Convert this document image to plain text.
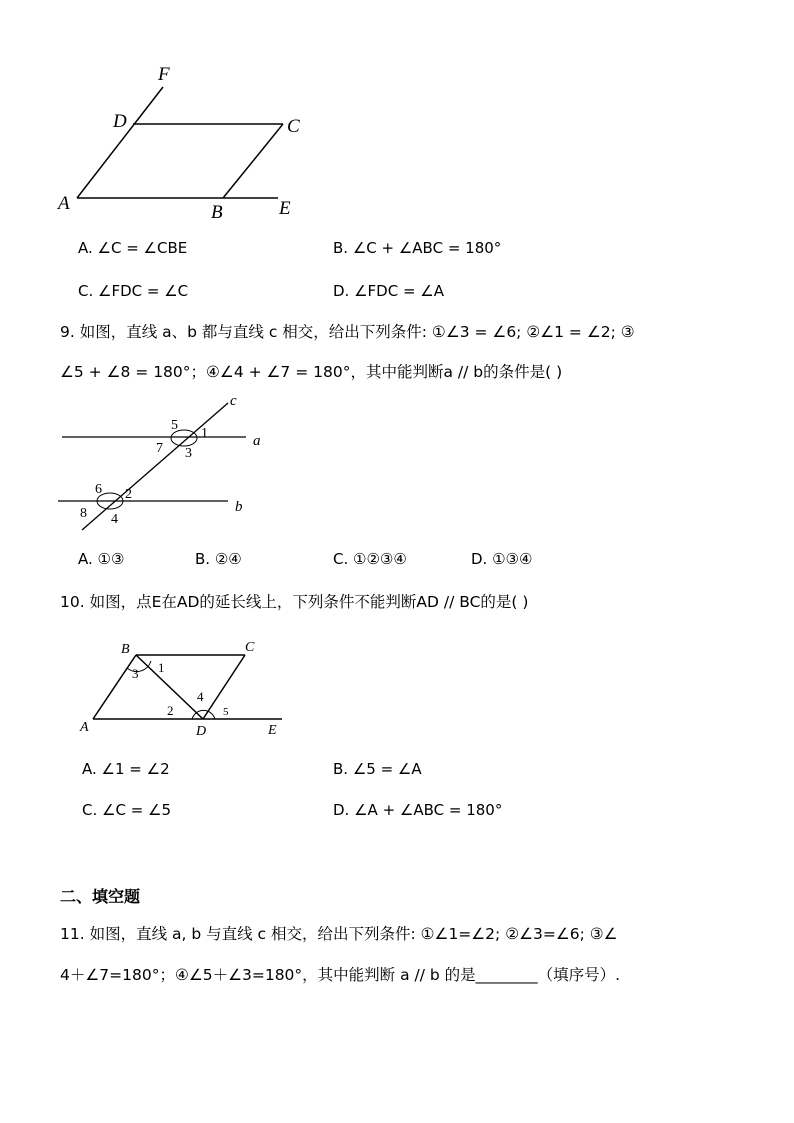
F
D	C
A	B	E
A. ∠C = ∠CBE	B. ∠C + ∠ABC = 180°
C. ∠FDC = ∠C	D. ∠FDC = ∠A
9. 如图，直线 a、b 都与直线 c 相交，给出下列条件: ①∠3 = ∠6; ②∠1 = ∠2; ③
∠5 + ∠8 = 180°；④∠4 + ∠7 = 180°，其中能判断a // b的条件是( )
c
a
b
5
1
7 3
6 2
8 4
A. ①③	B. ②④	C. ①②③④	D. ①③④
10. 如图，点E在AD的延长线上，下列条件不能判断AD // BC的是( )
B	C
A	D	E
1
3
2
4
5
A. ∠1 = ∠2	B. ∠5 = ∠A
C. ∠C = ∠5	D. ∠A + ∠ABC = 180°
二、填空题
11. 如图，直线 a, b 与直线 c 相交，给出下列条件: ①∠1=∠2; ②∠3=∠6; ③∠
4＋∠7=180°；④∠5＋∠3=180°，其中能判断 a // b 的是________（填序号）.
